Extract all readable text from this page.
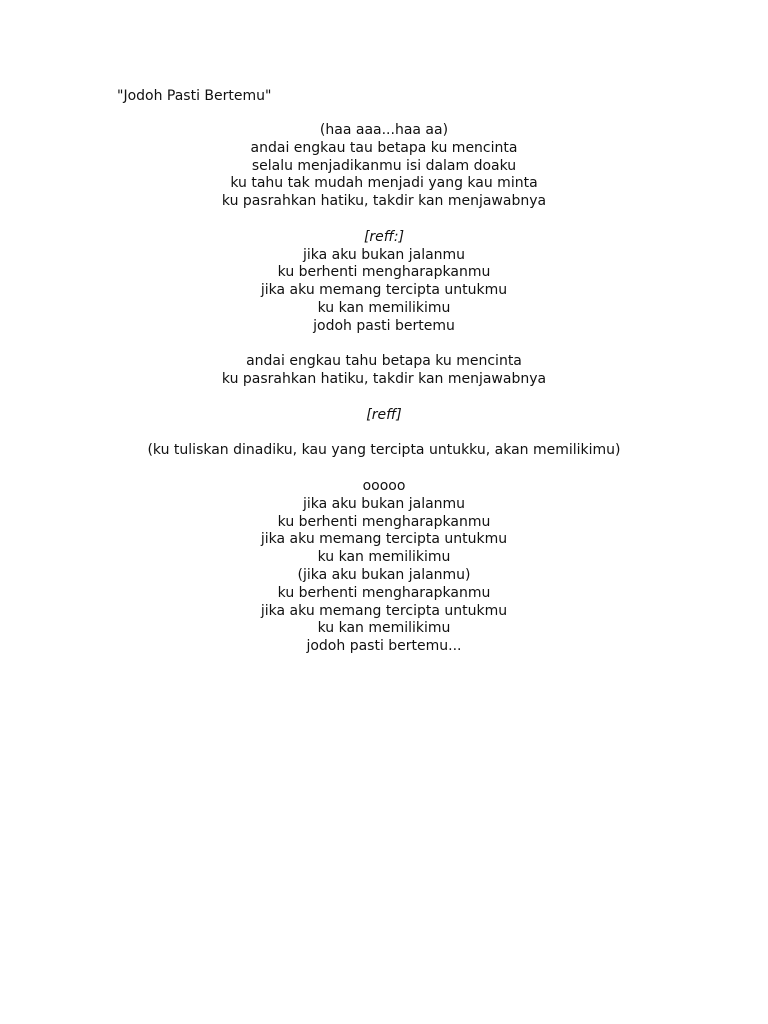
"Jodoh Pasti Bertemu"
(haa aaa...haa aa)
andai engkau tau betapa ku mencinta
selalu menjadikanmu isi dalam doaku
ku tahu tak mudah menjadi yang kau minta
ku pasrahkan hatiku, takdir kan menjawabnya
[reff:]
jika aku bukan jalanmu
ku berhenti mengharapkanmu
jika aku memang tercipta untukmu
ku kan memilikimu
jodoh pasti bertemu
andai engkau tahu betapa ku mencinta
ku pasrahkan hatiku, takdir kan menjawabnya
[reff]
(ku tuliskan dinadiku, kau yang tercipta untukku, akan memilikimu)
ooooo
jika aku bukan jalanmu
ku berhenti mengharapkanmu
jika aku memang tercipta untukmu
ku kan memilikimu
(jika aku bukan jalanmu)
ku berhenti mengharapkanmu
jika aku memang tercipta untukmu
ku kan memilikimu
jodoh pasti bertemu...
